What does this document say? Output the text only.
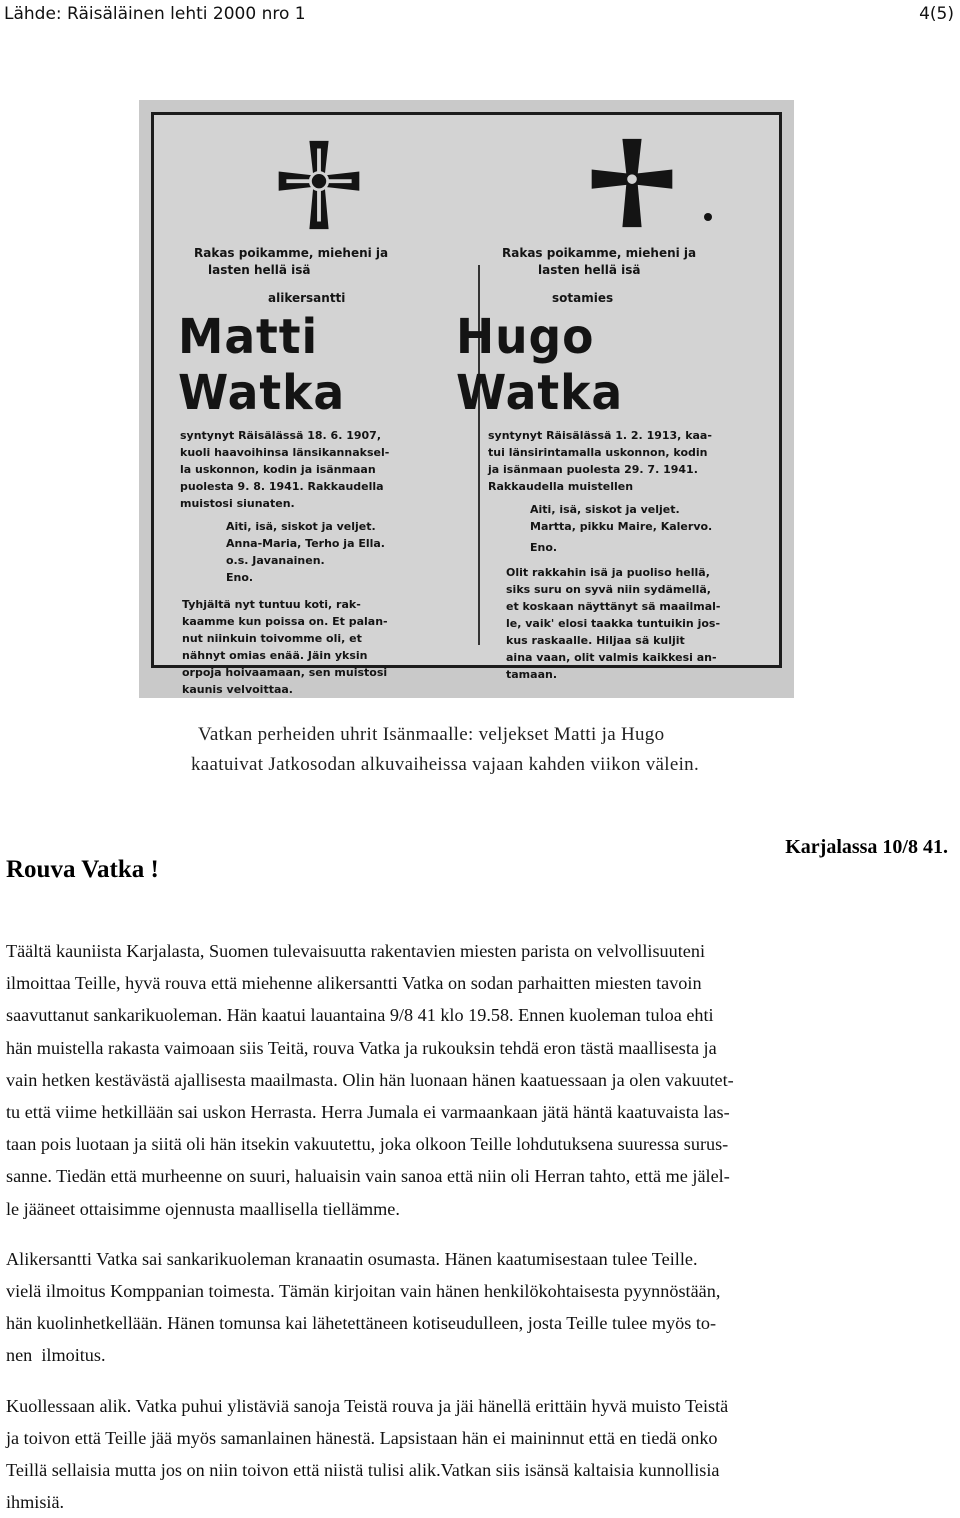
Lähde: Räisäläinen lehti 2000 nro 1	4(5)
Rakas poikamme, mieheni ja
lasten hellä isä
alikersantti
Matti Watka
syntynyt Räisälässä 18. 6. 1907,
kuoli haavoihinsa länsikannaksel-
la uskonnon, kodin ja isänmaan
puolesta 9. 8. 1941. Rakkaudella
muistosi siunaten.
Aiti, isä, siskot ja veljet.
Anna-Maria, Terho ja Ella.
o.s. Javanainen.
Eno.
Tyhjältä nyt tuntuu koti, rak-
kaamme kun poissa on. Et palan-
nut niinkuin toivomme oli, et
nähnyt omias enää. Jäin yksin
orpoja hoivaamaan, sen muistosi
kaunis velvoittaa.
Rakas poikamme, mieheni ja
lasten hellä isä
sotamies
Hugo Watka
syntynyt Räisälässä 1. 2. 1913, kaa-
tui länsirintamalla uskonnon, kodin
ja isänmaan puolesta 29. 7. 1941.
Rakkaudella muistellen
Aiti, isä, siskot ja veljet.
Martta, pikku Maire, Kalervo.
Eno.
Olit rakkahin isä ja puoliso hellä,
siks suru on syvä niin sydämellä,
et koskaan näyttänyt sä maailmal-
le, vaik' elosi taakka tuntuikin jos-
kus raskaalle. Hiljaa sä kuljit
aina vaan, olit valmis kaikkesi an-
tamaan.
Vatkan perheiden uhrit Isänmaalle: veljekset Matti ja Hugo
kaatuivat Jatkosodan alkuvaiheissa vajaan kahden viikon välein.
Karjalassa 10/8 41.
Rouva Vatka !

Täältä kauniista Karjalasta, Suomen tulevaisuutta rakentavien miesten parista on velvollisuuteni
ilmoittaa Teille, hyvä rouva että miehenne alikersantti Vatka on sodan parhaitten miesten tavoin
saavuttanut sankarikuoleman. Hän kaatui lauantaina 9/8 41 klo 19.58. Ennen kuoleman tuloa ehti
hän muistella rakasta vaimoaan siis Teitä, rouva Vatka ja rukouksin tehdä eron tästä maallisesta ja
vain hetken kestävästä ajallisesta maailmasta. Olin hän luonaan hänen kaatuessaan ja olen vakuutet-
tu että viime hetkillään sai uskon Herrasta. Herra Jumala ei varmaankaan jätä häntä kaatuvaista las-
taan pois luotaan ja siitä oli hän itsekin vakuutettu, joka olkoon Teille lohdutuksena suuressa surus-
sanne. Tiedän että murheenne on suuri, haluaisin vain sanoa että niin oli Herran tahto, että me jälel-
le jääneet ottaisimme ojennusta maallisella tiellämme.

Alikersantti Vatka sai sankarikuoleman kranaatin osumasta. Hänen kaatumisestaan tulee Teille.
vielä ilmoitus Komppanian toimesta. Tämän kirjoitan vain hänen henkilökohtaisesta pyynnöstään,
hän kuolinhetkellään. Hänen tomunsa kai lähetettäneen kotiseudulleen, josta Teille tulee myös to-
nen  ilmoitus.

Kuollessaan alik. Vatka puhui ylistäviä sanoja Teistä rouva ja jäi hänellä erittäin hyvä muisto Teistä
ja toivon että Teille jää myös samanlainen hänestä. Lapsistaan hän ei maininnut että en tiedä onko
Teillä sellaisia mutta jos on niin toivon että niistä tulisi alik.Vatkan siis isänsä kaltaisia kunnollisia
ihmisiä.
